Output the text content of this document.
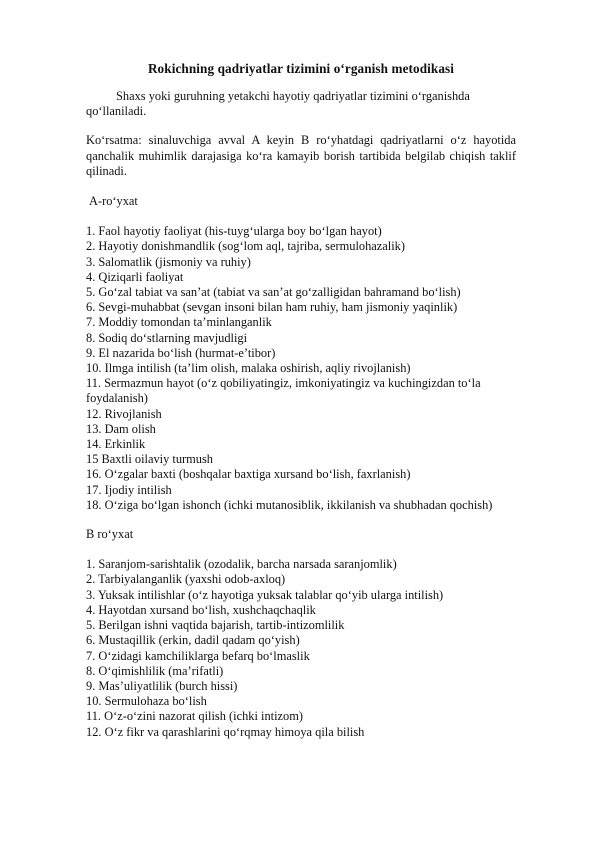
Rokichning qadriyatlar tizimini o‘rganish metodikasi
Shaxs yoki guruhning yetakchi hayotiy qadriyatlar tizimini o‘rganishda qo‘llaniladi.
Ko‘rsatma: sinaluvchiga avval A keyin B ro‘yhatdagi qadriyatlarni o‘z hayotida qanchalik muhimlik darajasiga ko‘ra kamayib borish tartibida belgilab chiqish taklif qilinadi.
A-ro‘yxat
1. Faol hayotiy faoliyat (his-tuyg‘ularga boy bo‘lgan hayot)
2. Hayotiy donishmandlik (sog‘lom aql, tajriba, sermulohazalik)
3. Salomatlik (jismoniy va ruhiy)
4. Qiziqarli faoliyat
5. Go‘zal tabiat va san’at (tabiat va san’at go‘zalligidan bahramand bo‘lish)
6. Sevgi-muhabbat (sevgan insoni bilan ham ruhiy, ham jismoniy yaqinlik)
7. Moddiy tomondan ta’minlanganlik
8. Sodiq do‘stlarning mavjudligi
9. El nazarida bo‘lish (hurmat-e’tibor)
10. Ilmga intilish (ta’lim olish, malaka oshirish, aqliy rivojlanish)
11. Sermazmun hayot (o‘z qobiliyatingiz, imkoniyatingiz va kuchingizdan to‘la foydalanish)
12. Rivojlanish
13. Dam olish
14. Erkinlik
15 Baxtli oilaviy turmush
16. O‘zgalar baxti (boshqalar baxtiga xursand bo‘lish, faxrlanish)
17. Ijodiy intilish
18. O‘ziga bo‘lgan ishonch (ichki mutanosiblik, ikkilanish va shubhadan qochish)
B ro‘yxat
1. Saranjom-sarishtalik (ozodalik, barcha narsada saranjomlik)
2. Tarbiyalanganlik (yaxshi odob-axloq)
3. Yuksak intilishlar (o‘z hayotiga yuksak talablar qo‘yib ularga intilish)
4. Hayotdan xursand bo‘lish, xushchaqchaqlik
5. Berilgan ishni vaqtida bajarish, tartib-intizomlilik
6. Mustaqillik (erkin, dadil qadam qo‘yish)
7. O‘zidagi kamchiliklarga befarq bo‘lmaslik
8. O‘qimishlilik (ma’rifatli)
9. Mas’uliyatlilik (burch hissi)
10. Sermulohaza bo‘lish
11. O‘z-o‘zini nazorat qilish (ichki intizom)
12. O‘z fikr va qarashlarini qo‘rqmay himoya qila bilish
